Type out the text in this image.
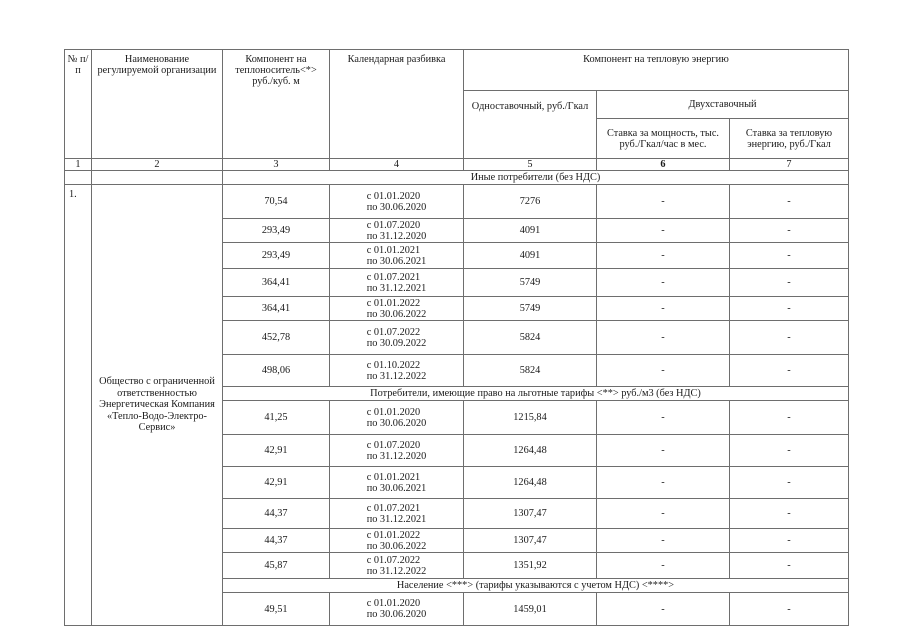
№ п/п	Наименование регулируемой организации	Компонент на теплоноситель<*> руб./куб. м	Календарная разбивка	Компонент на тепловую энергию		
				Одноставочный, руб./Гкал	Двухставочный	
					Ставка за мощность, тыс. руб./Гкал/час в мес.	Ставка за тепловую энергию, руб./Гкал
1	2	3	4	5	6	7
		Иные потребители (без НДС)				
1.	Общество с ограниченной ответственностью Энергетическая Компания «Тепло-Водо-Электро-Сервис»	70,54	с 01.01.2020
по 30.06.2020	7276	-	-
		293,49	с 01.07.2020
по 31.12.2020	4091	-	-
		293,49	с 01.01.2021
по 30.06.2021	4091	-	-
		364,41	с 01.07.2021
по 31.12.2021	5749	-	-
		364,41	с 01.01.2022
по 30.06.2022	5749	-	-
		452,78	с 01.07.2022
по 30.09.2022	5824	-	-
		498,06	с 01.10.2022
по 31.12.2022	5824	-	-
		Потребители, имеющие право на льготные тарифы <**> руб./м3 (без НДС)				
		41,25	с 01.01.2020
по 30.06.2020	1215,84	-	-
		42,91	с 01.07.2020
по 31.12.2020	1264,48	-	-
		42,91	с 01.01.2021
по 30.06.2021	1264,48	-	-
		44,37	с 01.07.2021
по 31.12.2021	1307,47	-	-
		44,37	с 01.01.2022
по 30.06.2022	1307,47	-	-
		45,87	с 01.07.2022
по 31.12.2022	1351,92	-	-
		Население <***> (тарифы указываются с учетом НДС) <****>				
		49,51	с 01.01.2020
по 30.06.2020	1459,01	-	-
